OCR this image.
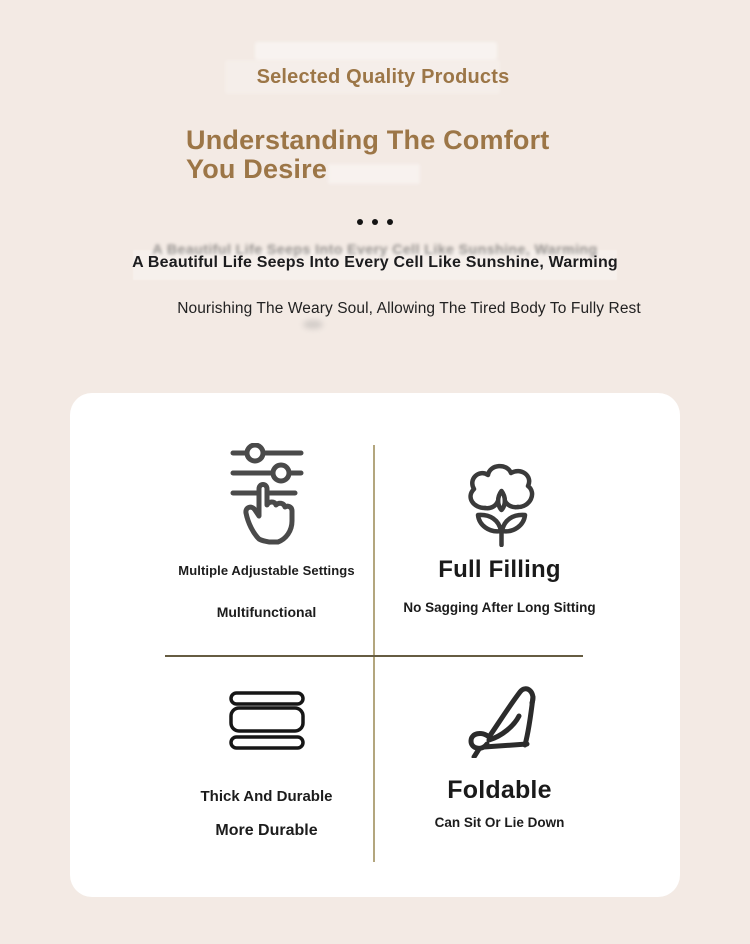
Selected Quality Products
Understanding The Comfort
You Desire
A Beautiful Life Seeps Into Every Cell Like Sunshine, Warming
A Beautiful Life Seeps Into Every Cell Like Sunshine, Warming
Nourishing The Weary Soul, Allowing The Tired Body To Fully Rest
Multiple Adjustable Settings
Multifunctional
Full Filling
No Sagging After Long Sitting
Thick And Durable
More Durable
Foldable
Can Sit Or Lie Down
